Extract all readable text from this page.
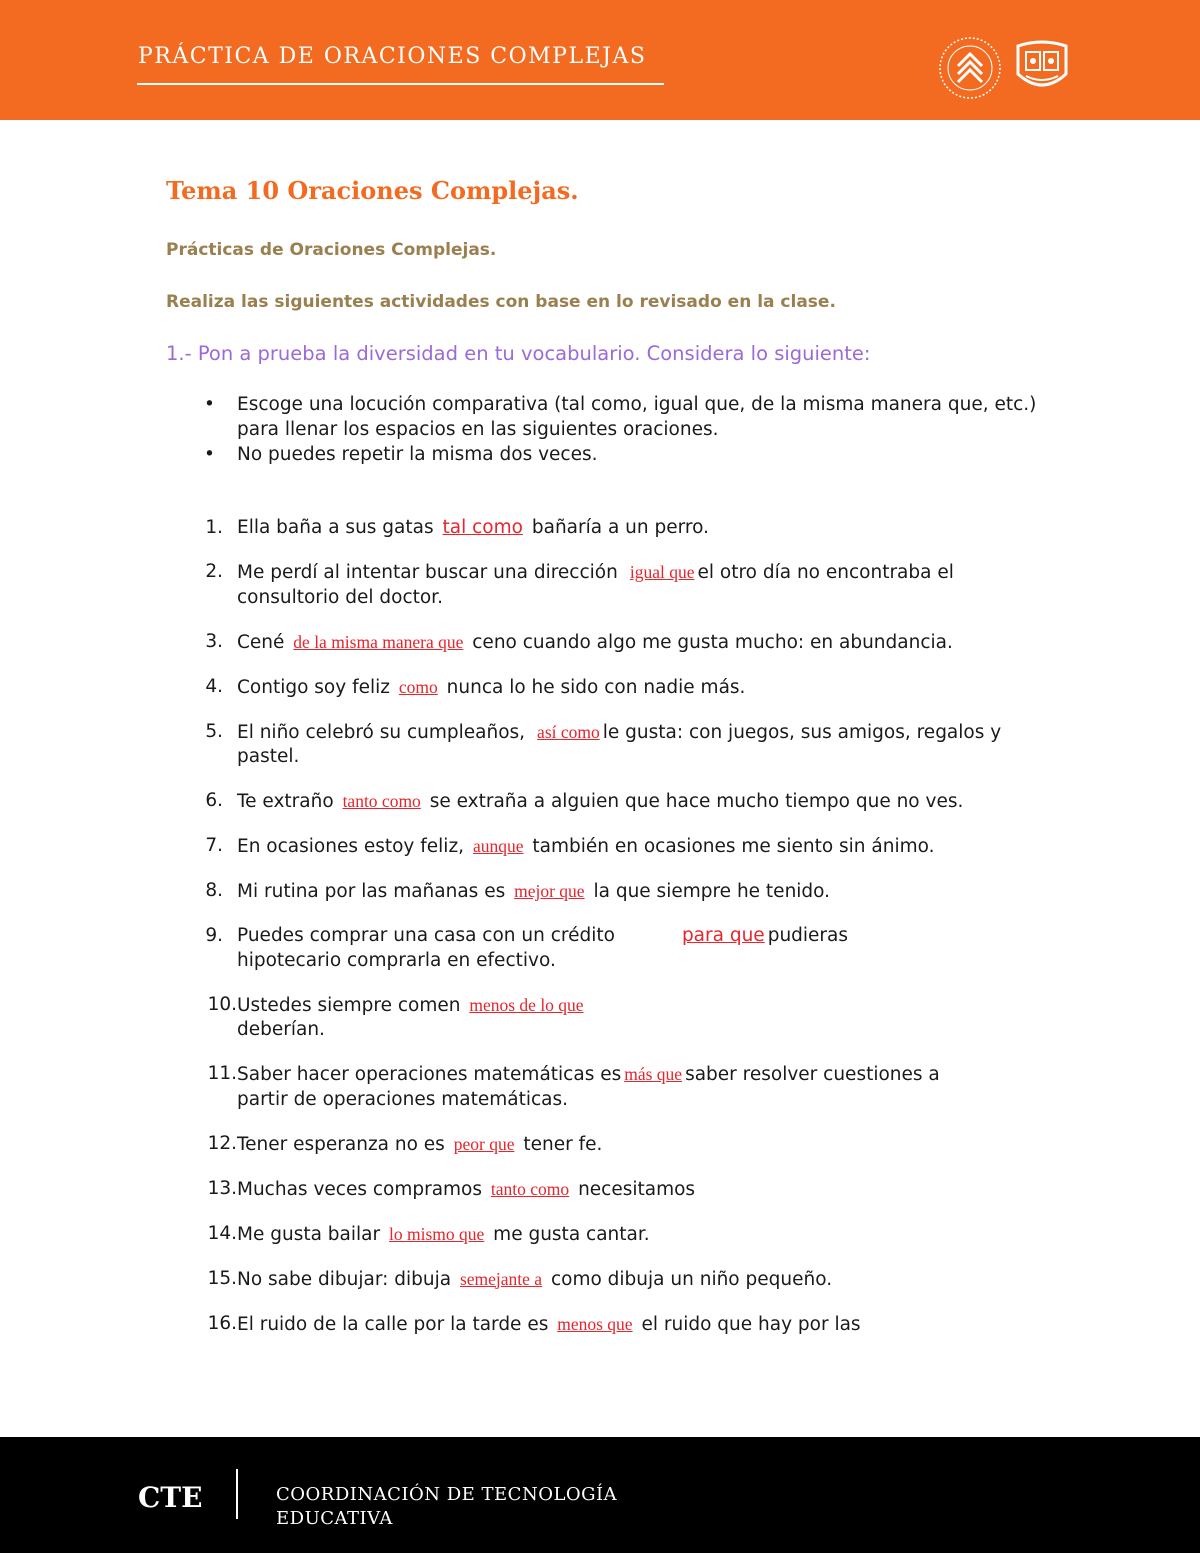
PRÁCTICA DE ORACIONES COMPLEJAS
Tema 10 Oraciones Complejas.
Prácticas de Oraciones Complejas.
Realiza las siguientes actividades con base en lo revisado en la clase.
1.- Pon a prueba la diversidad en tu vocabulario. Considera lo siguiente:
• Escoge una locución comparativa (tal como, igual que, de la misma manera que, etc.) para llenar los espacios en las siguientes oraciones.
• No puedes repetir la misma dos veces.
1. Ella baña a sus gatas tal como bañaría a un perro.
2. Me perdí al intentar buscar una dirección igual que el otro día no encontraba el consultorio del doctor.
3. Cené de la misma manera que ceno cuando algo me gusta mucho: en abundancia.
4. Contigo soy feliz como nunca lo he sido con nadie más.
5. El niño celebró su cumpleaños, así como le gusta: con juegos, sus amigos, regalos y pastel.
6. Te extraño tanto como se extraña a alguien que hace mucho tiempo que no ves.
7. En ocasiones estoy feliz, aunque también en ocasiones me siento sin ánimo.
8. Mi rutina por las mañanas es mejor que la que siempre he tenido.
9. Puedes comprar una casa con un crédito	para que pudieras
hipotecario comprarla en efectivo.
10. Ustedes siempre comen menos de lo que
deberían.
11. Saber hacer operaciones matemáticas es más que saber resolver cuestiones a
partir de operaciones matemáticas.
12. Tener esperanza no es peor que tener fe.
13. Muchas veces compramos tanto como necesitamos
14. Me gusta bailar lo mismo que me gusta cantar.
15. No sabe dibujar: dibuja semejante a como dibuja un niño pequeño.
16. El ruido de la calle por la tarde es menos que el ruido que hay por las
CTE	COORDINACIÓN DE TECNOLOGÍA EDUCATIVA
